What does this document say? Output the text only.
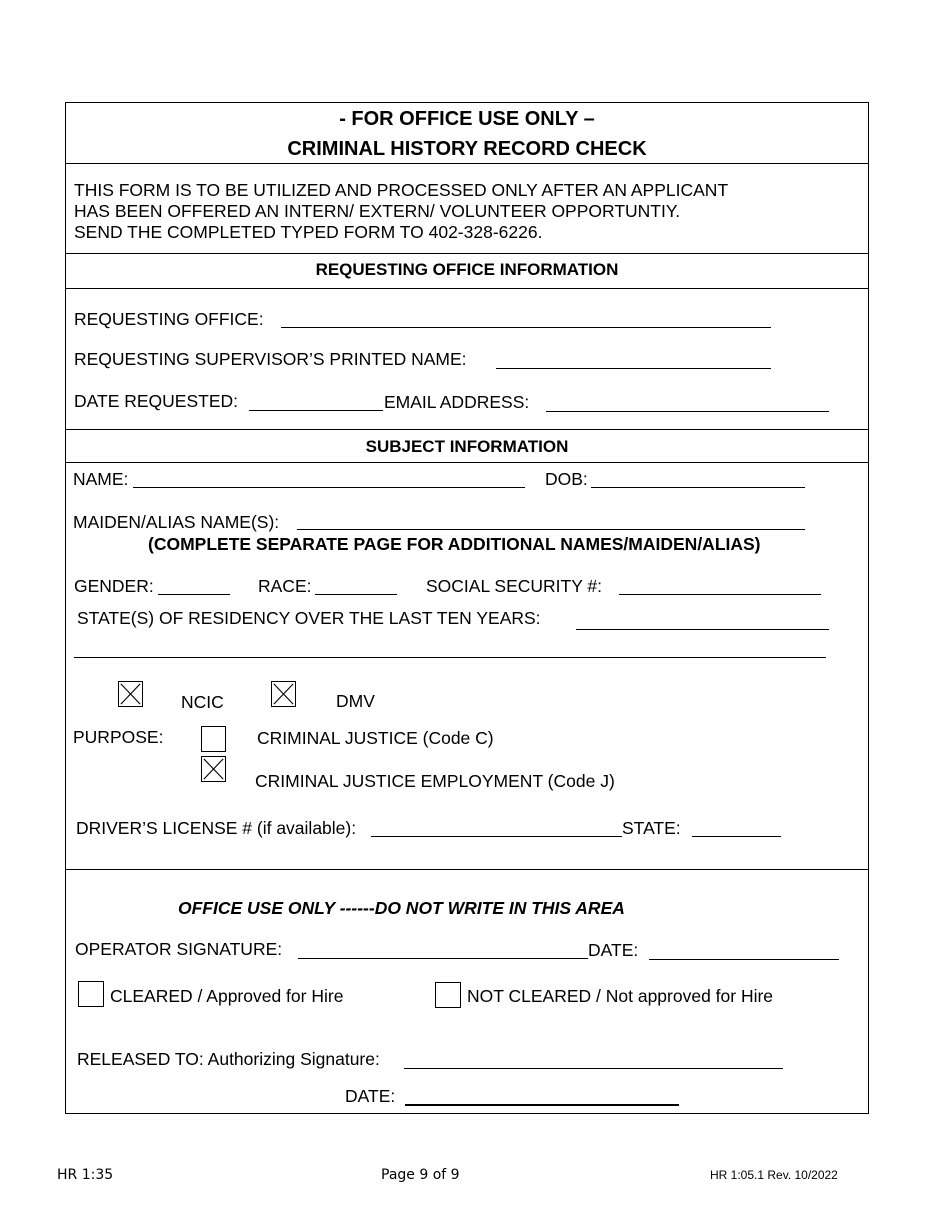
- FOR OFFICE USE ONLY –
CRIMINAL HISTORY RECORD CHECK
THIS FORM IS TO BE UTILIZED AND PROCESSED ONLY AFTER AN APPLICANT
HAS BEEN OFFERED AN INTERN/ EXTERN/ VOLUNTEER OPPORTUNTIY.
SEND THE COMPLETED TYPED FORM TO 402-328-6226.
REQUESTING OFFICE INFORMATION
REQUESTING OFFICE:
REQUESTING SUPERVISOR’S PRINTED NAME:
DATE REQUESTED:	EMAIL ADDRESS:
SUBJECT INFORMATION
NAME:	DOB:
MAIDEN/ALIAS NAME(S):
(COMPLETE SEPARATE PAGE FOR ADDITIONAL NAMES/MAIDEN/ALIAS)
GENDER:	RACE:	SOCIAL SECURITY #:
STATE(S) OF RESIDENCY OVER THE LAST TEN YEARS:
NCIC	DMV
PURPOSE:	CRIMINAL JUSTICE (Code C)
CRIMINAL JUSTICE EMPLOYMENT (Code J)
DRIVER’S LICENSE # (if available):	STATE:
OFFICE USE ONLY ------DO NOT WRITE IN THIS AREA
OPERATOR SIGNATURE:	DATE:
CLEARED / Approved for Hire	NOT CLEARED / Not approved for Hire
RELEASED TO: Authorizing Signature:
DATE:
HR 1:35	Page 9 of 9	HR 1:05.1 Rev. 10/2022
